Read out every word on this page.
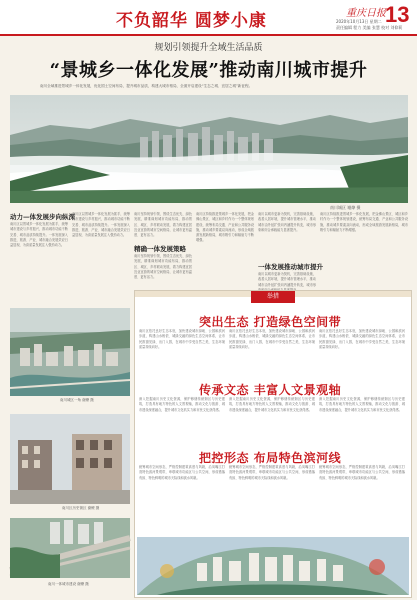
不负韶华 圆梦小康	重庆日报 13
2020年10月13日 星期二
责任编辑 程力 美编 张慧 校对 刘仰莉
规划引领提升全域生活品质
“景城乡一体化发展”推动南川城市提升
南川全域推进景城乡一体化发展，优化国土空间布局，提升城市品质，构建大城市格局，全面开启建设“生态之城、宜居之城”新征程。
南川城区 谢燎 摄
动力—体发展步向纵深
南川区以景城乡一体化发展为抓手，统筹城市建设与乡村振兴，推动城市功能不断完善、城市品质持续提升。一体发展深入推进，旅游、产业、城市融合发展效应日益显现，为高质量发展注入强劲动力。
南川区以景城乡一体化发展为抓手，统筹城市建设与乡村振兴，推动城市功能不断完善、城市品质持续提升。一体发展深入推进，旅游、产业、城市融合发展效应日益显现，为高质量发展注入强劲动力。
南川坚持规划引领，围绕生态优先、绿色发展，精准谋划城市功能布局，推动景区、城区、乡村联动发展，着力构建宜居宜业宜游的城市空间格局，让城市更有温度、更有活力。
精确一体发展策略
南川坚持规划引领，围绕生态优先、绿色发展，精准谋划城市功能布局，推动景区、城区、乡村联动发展，着力构建宜居宜业宜游的城市空间格局，让城市更有温度、更有活力。
南川区持续推进景城乡一体化发展，把金佛山景区、城区和乡村作为一个整体规划建设，统筹布局交通、产业和公共服务设施，推动城乡要素双向流动，形成全域旅游发展新格局，城市吸引力和辐射力不断增强。
南川以城市更新为契机，完善基础设施，改善人居环境，提升城市管理水平，推动城市由外延扩张向内涵提升转变，城市形象和综合承载能力显著提升。
一体发展推动城市提升
南川以城市更新为契机，完善基础设施，改善人居环境，提升城市管理水平，推动城市由外延扩张向内涵提升转变，城市形
南川区持续推进景城乡一体化发展，把金佛山景区、城区和乡村作为一个整体规划建设，统筹布局交通、产业和公共服务设施，推动城乡要素双向流动，形成全域旅游发展新格局，城市吸引力和辐射力不断增强。
南川城区一角 谢燎 摄
南川区历史街区 谢燎 摄
南川一体城市建设 谢燎 摄
举措
突出生态 打造绿色空间带
南川区依托良好生态本底，加快建设城市绿地、公园和滨河步道，构建山水相依、城绿交融的绿色生态空间体系，让市民推窗见绿、出门入园，在城市中享受自然之美，生态环境质量持续向好。
南川区依托良好生态本底，加快建设城市绿地、公园和滨河步道，构建山水相依、城绿交融的绿色生态空间体系，让市民推窗见绿、出门入园，在城市中享受自然之美，生态环境质量持续向好。
南川区依托良好生态本底，加快建设城市绿地、公园和滨河步道，构建山水相依、城绿交融的绿色生态空间体系，让市民推窗见绿、出门入园，在城市中享受自然之美，生态环境质量持续向好。
传承文态 丰富人文景观轴
深入挖掘南川历史文化资源，保护修缮传统街区与历史建筑，打造具有地方特色的人文景观轴，推动文化与旅游、城市建设深度融合，提升城市文化软实力和市民文化获得感。
深入挖掘南川历史文化资源，保护修缮传统街区与历史建筑，打造具有地方特色的人文景观轴，推动文化与旅游、城市建设深度融合，提升城市文化软实力和市民文化获得感。
深入挖掘南川历史文化资源，保护修缮传统街区与历史建筑，打造具有地方特色的人文景观轴，推动文化与旅游、城市建设深度融合，提升城市文化软实力和市民文化获得感。
把控形态 布局特色滨河线
统筹城市空间形态，严格控制建筑高度与风貌，沿凤嘴江打造特色滨河景观带，串联城市功能区与公共空间，形成错落有致、特色鲜明的城市天际线和滨水风貌。
统筹城市空间形态，严格控制建筑高度与风貌，沿凤嘴江打造特色滨河景观带，串联城市功能区与公共空间，形成错落有致、特色鲜明的城市天际线和滨水风貌。
统筹城市空间形态，严格控制建筑高度与风貌，沿凤嘴江打造特色滨河景观带，串联城市功能区与公共空间，形成错落有致、特色鲜明的城市天际线和滨水风貌。
